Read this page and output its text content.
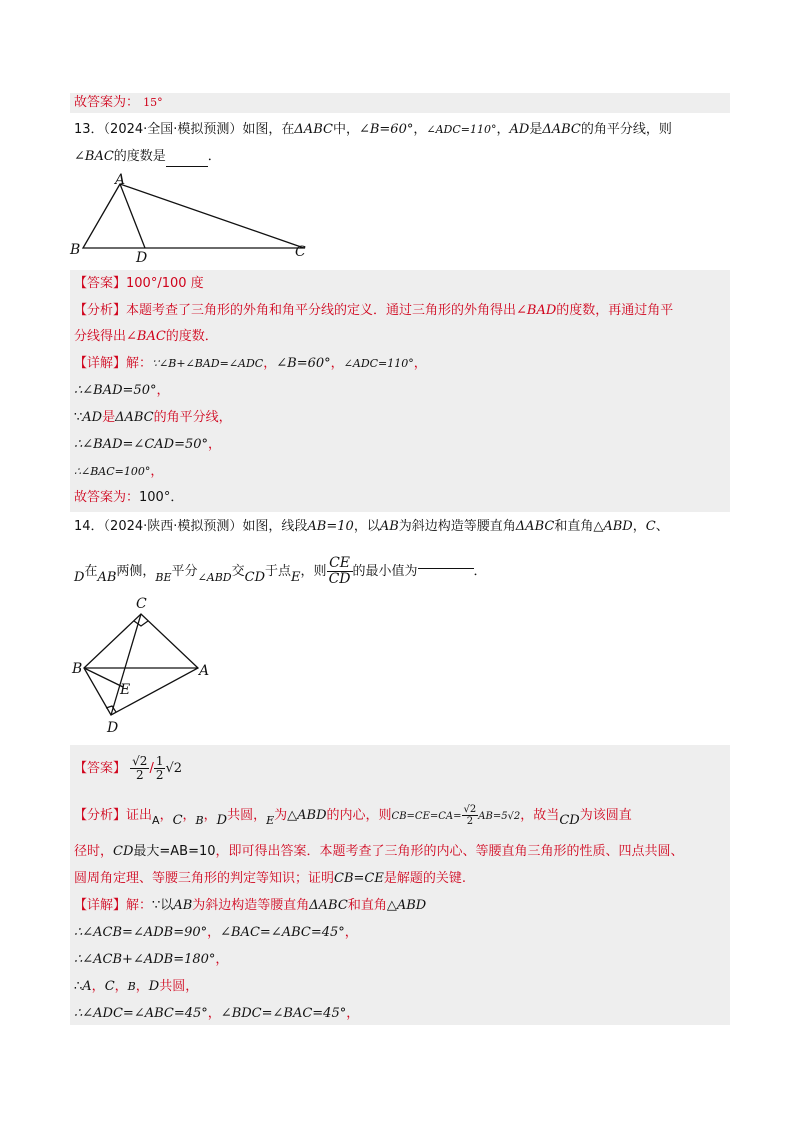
故答案为： 15°
13．（2024·全国·模拟预测）如图，在ΔABC中，∠B=60°，∠ADC=110°，AD是ΔABC的角平分线，则
∠BAC的度数是	．
A
B	C
D
【答案】100°/100 度
【分析】本题考查了三角形的外角和角平分线的定义．通过三角形的外角得出∠BAD的度数，再通过角平
分线得出∠BAC的度数．
【详解】解：∵∠B+∠BAD=∠ADC，∠B=60°，∠ADC=110°，
∴∠BAD=50°，
∵AD是ΔABC的角平分线，
∴∠BAD=∠CAD=50°，
∴∠BAC=100°，
故答案为：100°．
14．（2024·陕西·模拟预测）如图，线段AB=10，以AB为斜边构造等腰直角ΔABC和直角△ABD，C、
D在AB两侧，$_{BE}$平分$_{\angle ABD}$交CD于点E，则 $\frac{CE}{CD}$ 的最小值为	．
C
B	A
E
D
【答案】 $\frac{√2}{2} / \frac{1}{2} √2$
【分析】证出$_A$，C，$_B$，D共圆，$_E$为△ABD的内心，则$CB=CE=CA= \frac{√2}{2} AB=5√2$，故当CD为该圆直
径时，CD最大=AB=10，即可得出答案．本题考查了三角形的内心、等腰直角三角形的性质、四点共圆、
圆周角定理、等腰三角形的判定等知识；证明CB=CE是解题的关键.
【详解】解：∵以AB为斜边构造等腰直角ΔABC和直角△ABD
∴∠ACB=∠ADB=90°，∠BAC=∠ABC=45°，
∴∠ACB+∠ADB=180°，
∴A，C，B，D共圆，
∴∠ADC=∠ABC=45°，∠BDC=∠BAC=45°，
